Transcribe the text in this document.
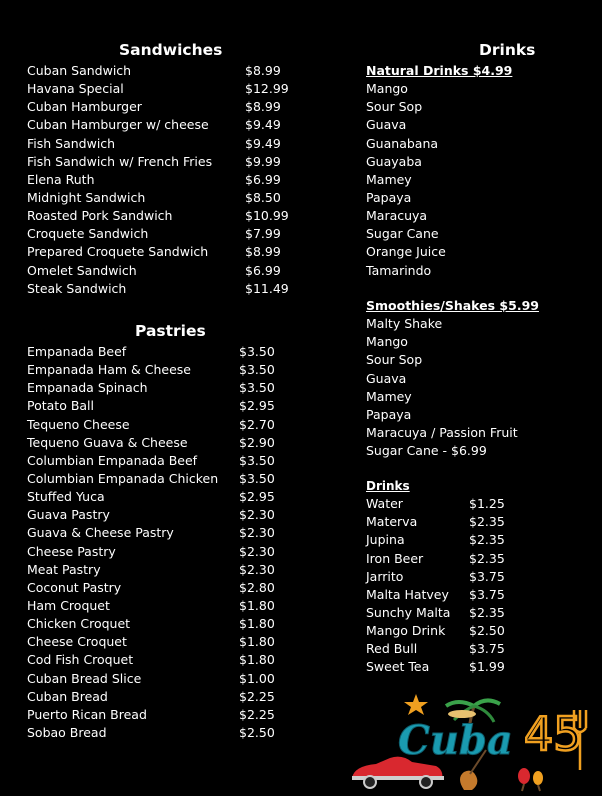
Sandwiches
Cuban Sandwich	$8.99
Havana Special	$12.99
Cuban Hamburger	$8.99
Cuban Hamburger w/ cheese	$9.49
Fish Sandwich	$9.49
Fish Sandwich w/ French Fries	$9.99
Elena Ruth	$6.99
Midnight Sandwich	$8.50
Roasted Pork Sandwich	$10.99
Croquete Sandwich	$7.99
Prepared Croquete Sandwich	$8.99
Omelet Sandwich	$6.99
Steak Sandwich	$11.49
Pastries
Empanada Beef	$3.50
Empanada Ham & Cheese	$3.50
Empanada Spinach	$3.50
Potato Ball	$2.95
Tequeno Cheese	$2.70
Tequeno Guava & Cheese	$2.90
Columbian Empanada Beef	$3.50
Columbian Empanada Chicken $3.50
Stuffed Yuca	$2.95
Guava Pastry	$2.30
Guava & Cheese Pastry	$2.30
Cheese Pastry	$2.30
Meat Pastry	$2.30
Coconut Pastry	$2.80
Ham Croquet	$1.80
Chicken Croquet	$1.80
Cheese Croquet	$1.80
Cod Fish Croquet	$1.80
Cuban Bread Slice	$1.00
Cuban Bread	$2.25
Puerto Rican Bread	$2.25
Sobao Bread	$2.50
Drinks
Natural Drinks $4.99
Mango
Sour Sop
Guava
Guanabana
Guayaba
Mamey
Papaya
Maracuya
Sugar Cane
Orange Juice
Tamarindo
Smoothies/Shakes $5.99
Malty Shake
Mango
Sour Sop
Guava
Mamey
Papaya
Maracuya / Passion Fruit
Sugar Cane - $6.99
Drinks
Water	$1.25
Materva	$2.35
Jupina	$2.35
Iron Beer	$2.35
Jarrito	$3.75
Malta Hatvey $3.75
Sunchy Malta $2.35
Mango Drink $2.50
Red Bull	$3.75
Sweet Tea	$1.99
Cuba 45
